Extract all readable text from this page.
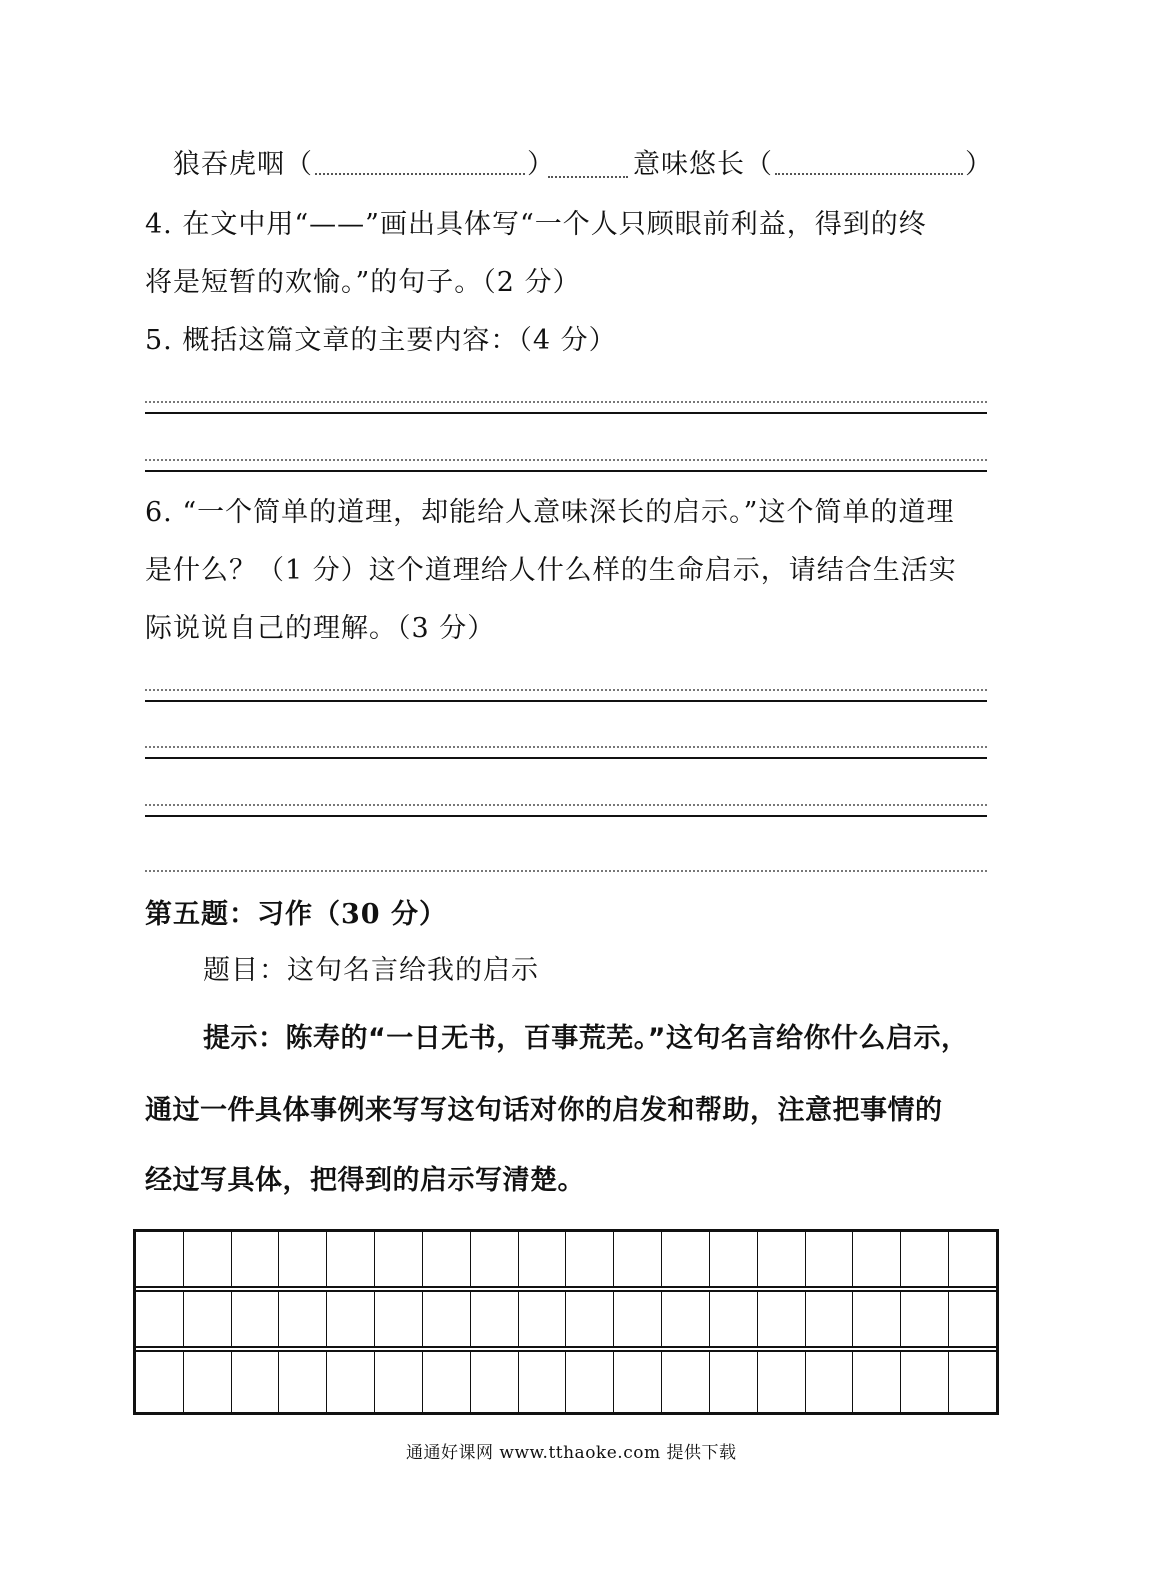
狼吞虎咽（	）	意味悠长（	）
4. 在文中用“——”画出具体写“一个人只顾眼前利益，得到的终
将是短暂的欢愉。”的句子。（2 分）
5. 概括这篇文章的主要内容：（4 分）
6. “一个简单的道理，却能给人意味深长的启示。”这个简单的道理
是什么？（1 分）这个道理给人什么样的生命启示，请结合生活实
际说说自己的理解。（3 分）
第五题：习作（30 分）
题目：这句名言给我的启示
提示：陈寿的“一日无书，百事荒芜。”这句名言给你什么启示，
通过一件具体事例来写写这句话对你的启发和帮助，注意把事情的
经过写具体，把得到的启示写清楚。
通通好课网 www.tthaoke.com 提供下载
